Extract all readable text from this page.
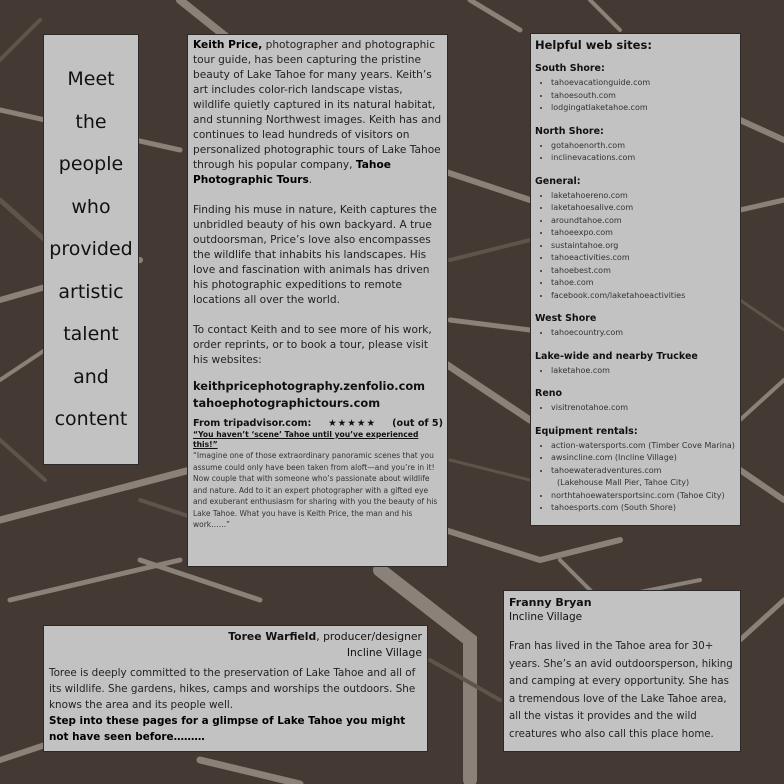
Meet
the
people
who
provided
artistic
talent
and
content

Keith Price, photographer and photographic tour guide, has been capturing the pristine beauty of Lake Tahoe for many years. Keith’s art includes color-rich landscape vistas, wildlife quietly captured in its natural habitat, and stunning Northwest images. Keith has and continues to lead hundreds of visitors on personalized photographic tours of Lake Tahoe through his popular company, Tahoe Photographic Tours.

Finding his muse in nature, Keith captures the unbridled beauty of his own backyard. A true outdoorsman, Price’s love also encompasses the wildlife that inhabits his landscapes. His love and fascination with animals has driven his photographic expeditions to remote locations all over the world.

To contact Keith and to see more of his work, order reprints, or to book a tour, please visit his websites:

keithpricephotography.zenfolio.com
tahoephotographictours.com
From tripadvisor.com:	★★★★★ (out of 5)
“You haven’t ‘scene’ Tahoe until you’ve experienced this!”
“Imagine one of those extraordinary panoramic scenes that you assume could only have been taken from aloft—and you’re in it! Now couple that with someone who’s passionate about wildlife and nature. Add to it an expert photographer with a gifted eye and exuberant enthusiasm for sharing with you the beauty of his Lake Tahoe. What you have is Keith Price, the man and his work……”
Helpful web sites:
South Shore:
• tahoevacationguide.com
• tahoesouth.com
• lodgingatlaketahoe.com
North Shore:
• gotahoenorth.com
• inclinevacations.com
General:
• laketahoereno.com
• laketahoesalive.com
• aroundtahoe.com
• tahoeexpo.com
• sustaintahoe.org
• tahoeactivities.com
• tahoebest.com
• tahoe.com
• facebook.com/laketahoeactivities
West Shore
• tahoecountry.com
Lake-wide and nearby Truckee
• laketahoe.com
Reno
• visitrenotahoe.com
Equipment rentals:
• action-watersports.com (Timber Cove Marina)
• awsincline.com (Incline Village)
• tahoewateradventures.com
(Lakehouse Mall Pier, Tahoe City)
• northtahoewatersportsinc.com (Tahoe City)
• tahoesports.com (South Shore)
Franny Bryan
Incline Village
Fran has lived in the Tahoe area for 30+ years. She’s an avid outdoorsperson, hiking and camping at every opportunity. She has a tremendous love of the Lake Tahoe area, all the vistas it provides and the wild creatures who also call this place home.
Toree Warfield, producer/designer
Incline Village
Toree is deeply committed to the preservation of Lake Tahoe and all of its wildlife. She gardens, hikes, camps and worships the outdoors. She knows the area and its people well.
Step into these pages for a glimpse of Lake Tahoe you might not have seen before………
